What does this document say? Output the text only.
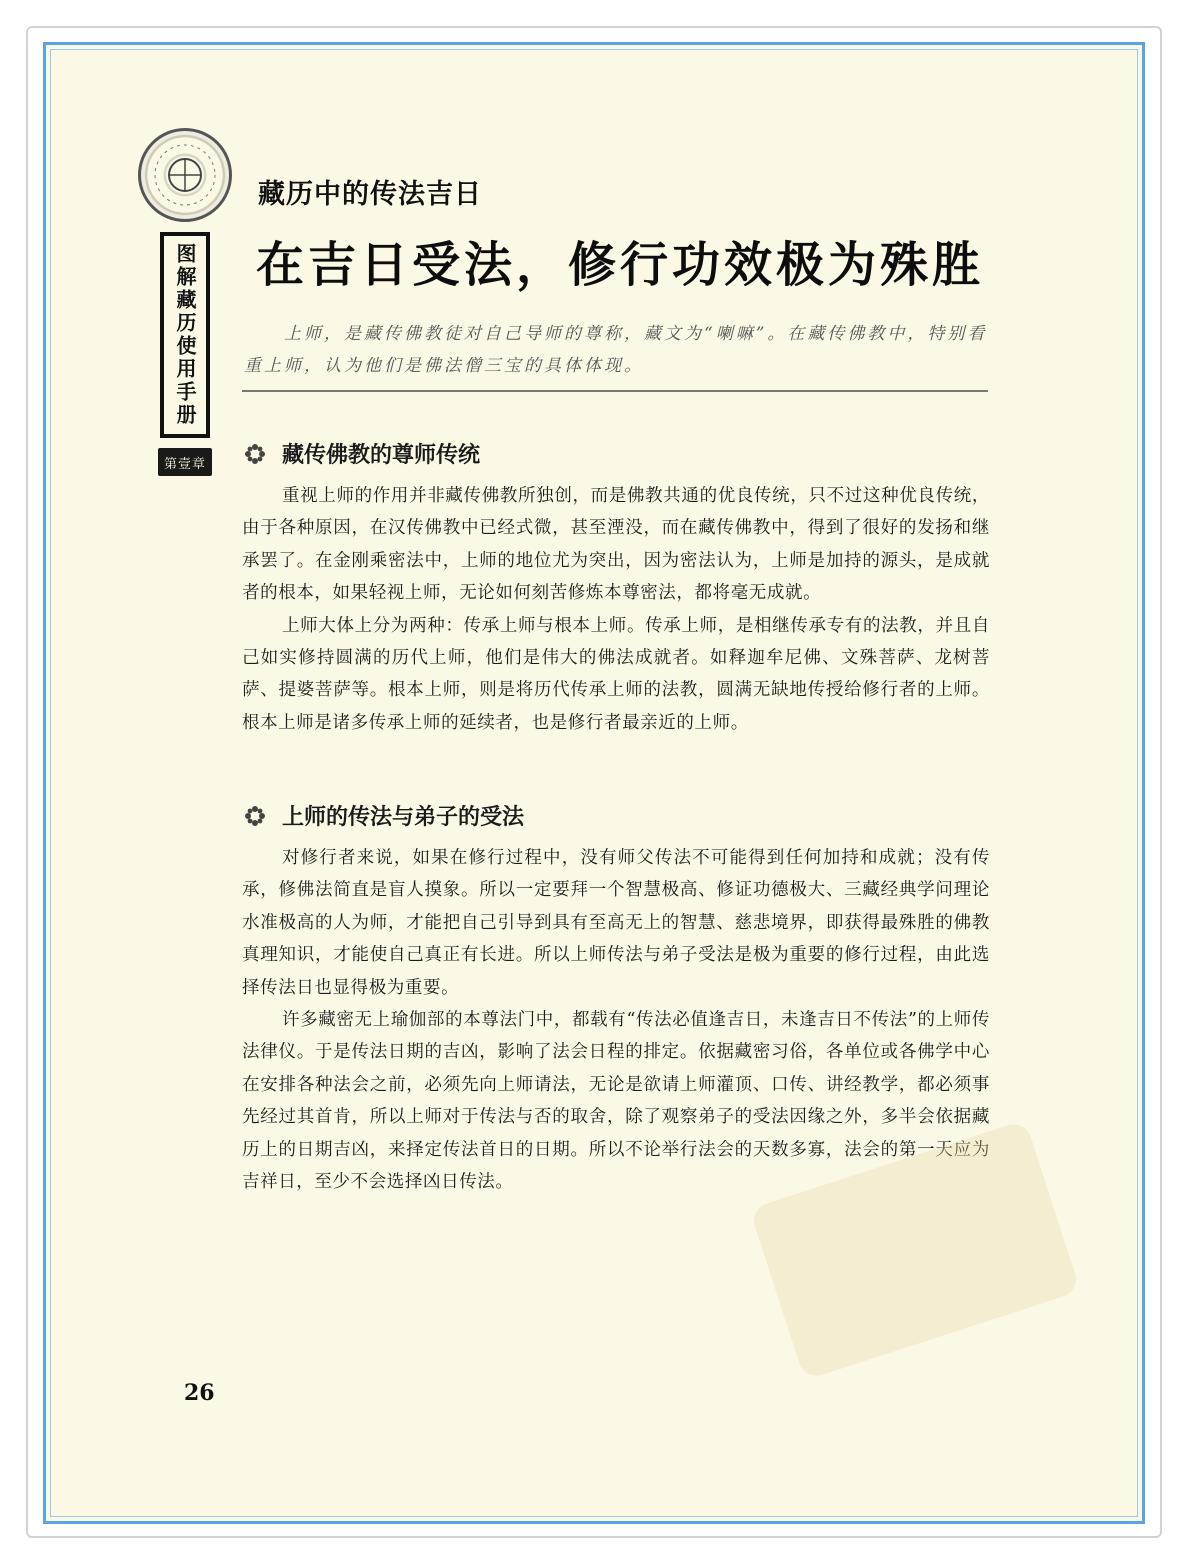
图解藏历使用手册
第壹章
藏历中的传法吉日
在吉日受法，修行功效极为殊胜
上师，是藏传佛教徒对自己导师的尊称，藏文为“喇嘛”。在藏传佛教中，特别看重上师，认为他们是佛法僧三宝的具体体现。
藏传佛教的尊师传统

重视上师的作用并非藏传佛教所独创，而是佛教共通的优良传统，只不过这种优良传统，由于各种原因，在汉传佛教中已经式微，甚至湮没，而在藏传佛教中，得到了很好的发扬和继承罢了。在金刚乘密法中，上师的地位尤为突出，因为密法认为，上师是加持的源头，是成就者的根本，如果轻视上师，无论如何刻苦修炼本尊密法，都将毫无成就。

上师大体上分为两种：传承上师与根本上师。传承上师，是相继传承专有的法教，并且自己如实修持圆满的历代上师，他们是伟大的佛法成就者。如释迦牟尼佛、文殊菩萨、龙树菩萨、提婆菩萨等。根本上师，则是将历代传承上师的法教，圆满无缺地传授给修行者的上师。根本上师是诸多传承上师的延续者，也是修行者最亲近的上师。

上师的传法与弟子的受法

对修行者来说，如果在修行过程中，没有师父传法不可能得到任何加持和成就；没有传承，修佛法简直是盲人摸象。所以一定要拜一个智慧极高、修证功德极大、三藏经典学问理论水准极高的人为师，才能把自己引导到具有至高无上的智慧、慈悲境界，即获得最殊胜的佛教真理知识，才能使自己真正有长进。所以上师传法与弟子受法是极为重要的修行过程，由此选择传法日也显得极为重要。

许多藏密无上瑜伽部的本尊法门中，都载有“传法必值逢吉日，未逢吉日不传法”的上师传法律仪。于是传法日期的吉凶，影响了法会日程的排定。依据藏密习俗，各单位或各佛学中心在安排各种法会之前，必须先向上师请法，无论是欲请上师灌顶、口传、讲经教学，都必须事先经过其首肯，所以上师对于传法与否的取舍，除了观察弟子的受法因缘之外，多半会依据藏历上的日期吉凶，来择定传法首日的日期。所以不论举行法会的天数多寡，法会的第一天应为吉祥日，至少不会选择凶日传法。

26
